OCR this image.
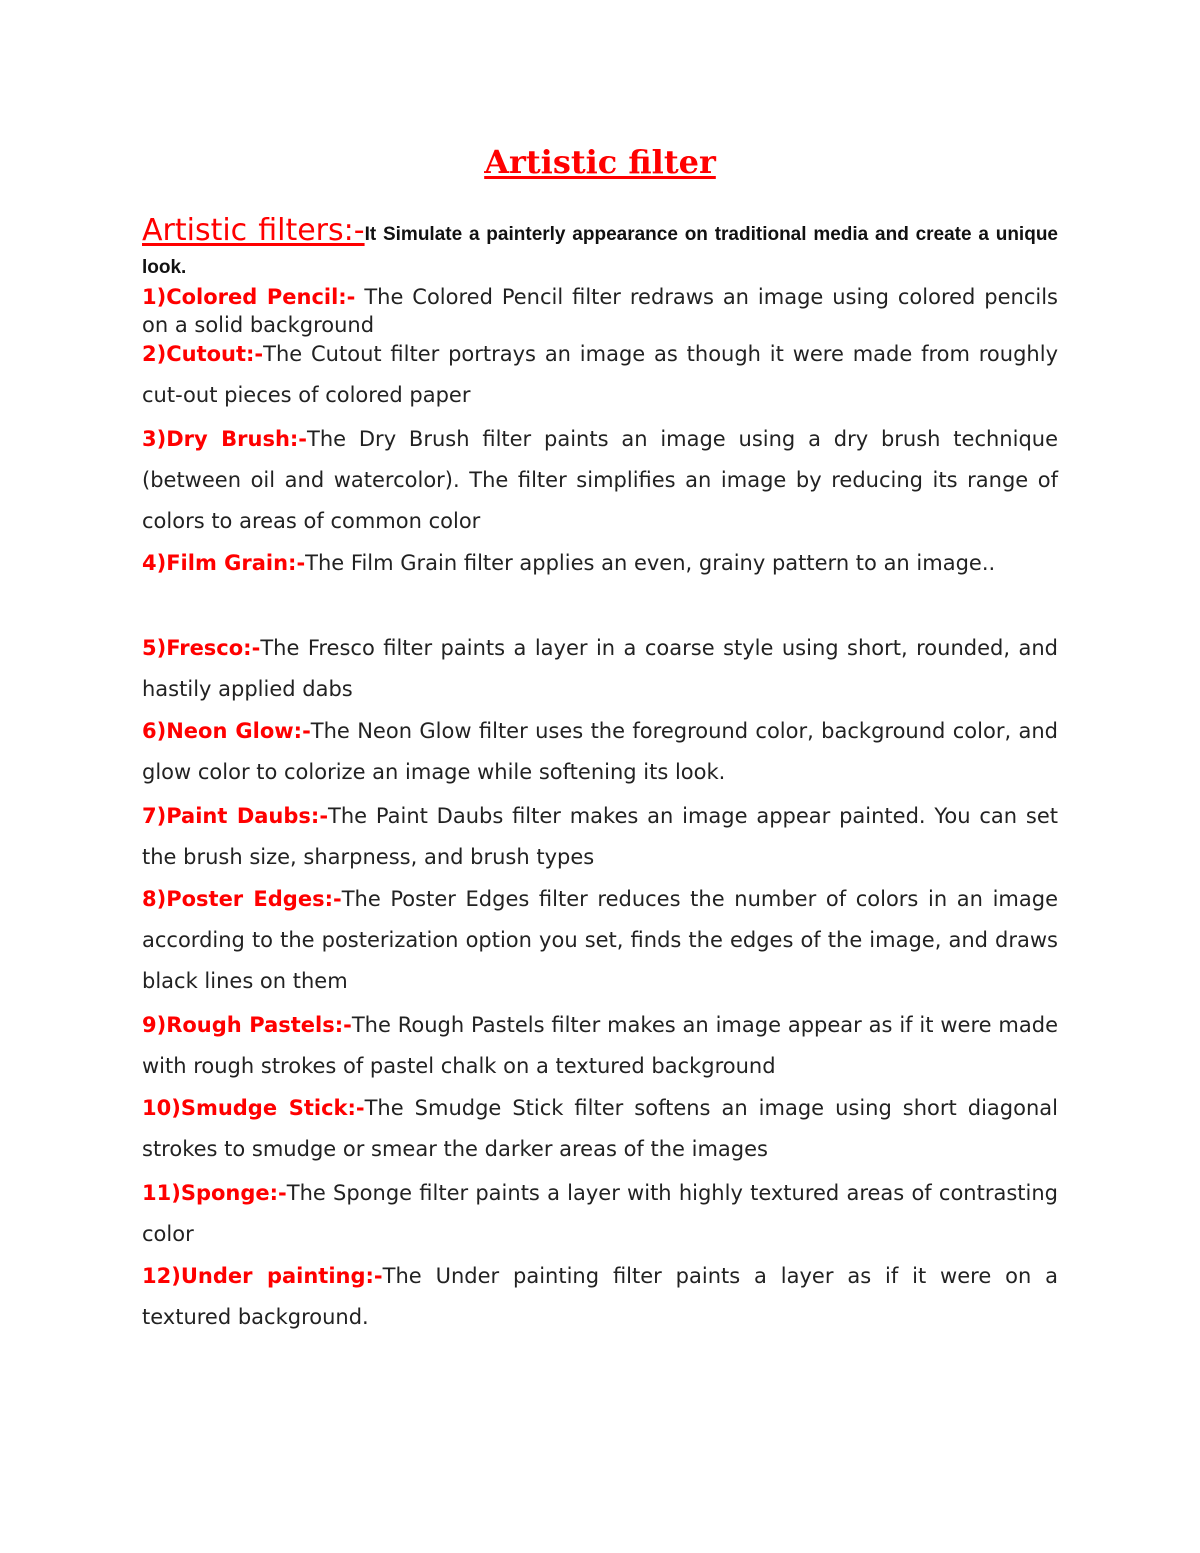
Artistic filter

Artistic filters:-It Simulate a painterly appearance on traditional media and create a unique look.

1)Colored Pencil:- The Colored Pencil filter redraws an image using colored pencils on a solid background

2)Cutout:-The Cutout filter portrays an image as though it were made from roughly cut-out pieces of colored paper

3)Dry Brush:-The Dry Brush filter paints an image using a dry brush technique (between oil and watercolor). The filter simplifies an image by reducing its range of colors to areas of common color

4)Film Grain:-The Film Grain filter applies an even, grainy pattern to an image..

5)Fresco:-The Fresco filter paints a layer in a coarse style using short, rounded, and hastily applied dabs

6)Neon Glow:-The Neon Glow filter uses the foreground color, background color, and glow color to colorize an image while softening its look.

7)Paint Daubs:-The Paint Daubs filter makes an image appear painted. You can set the brush size, sharpness, and brush types

8)Poster Edges:-The Poster Edges filter reduces the number of colors in an image according to the posterization option you set, finds the edges of the image, and draws black lines on them

9)Rough Pastels:-The Rough Pastels filter makes an image appear as if it were made with rough strokes of pastel chalk on a textured background

10)Smudge Stick:-The Smudge Stick filter softens an image using short diagonal strokes to smudge or smear the darker areas of the images

11)Sponge:-The Sponge filter paints a layer with highly textured areas of contrasting color

12)Under painting:-The Under painting filter paints a layer as if it were on a textured background.
